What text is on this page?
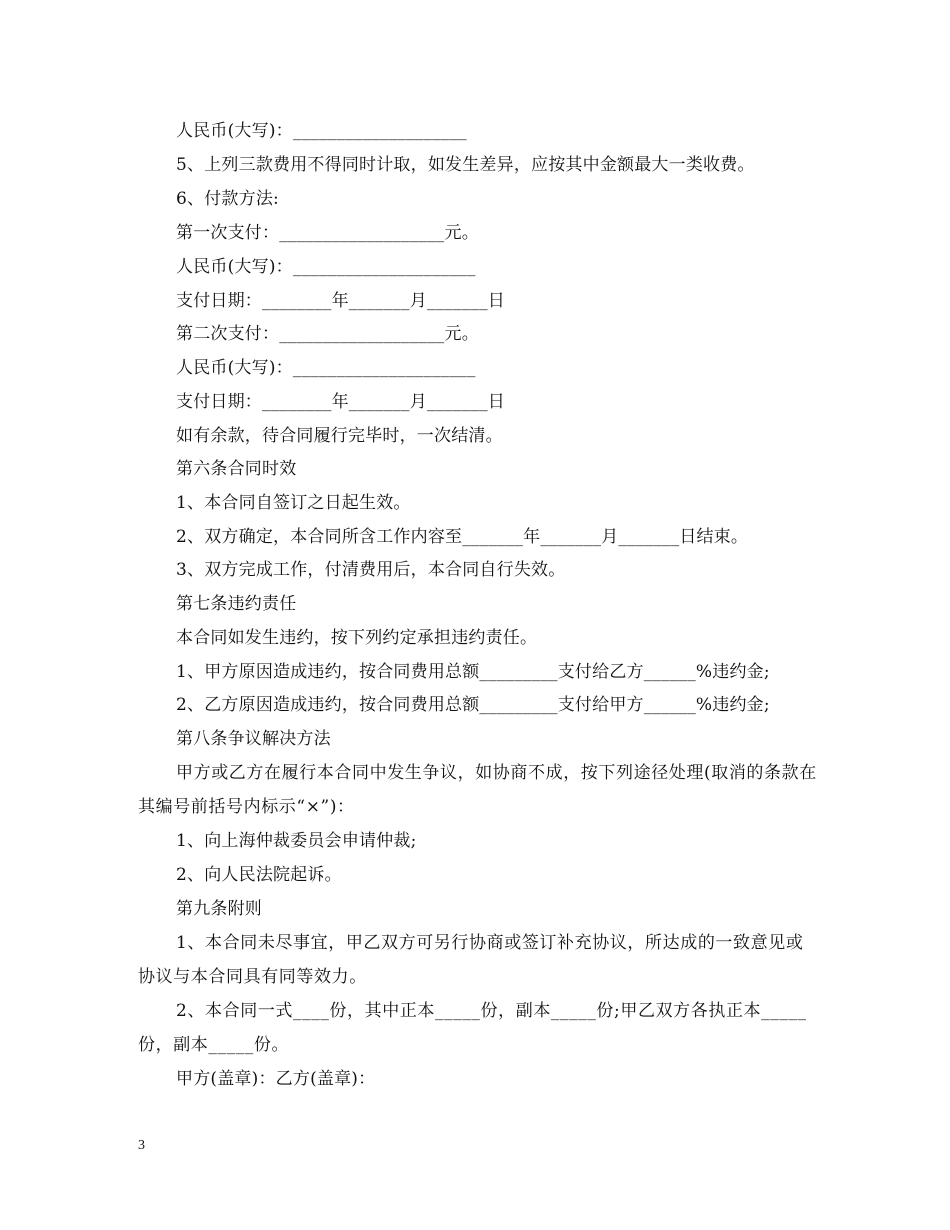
人民币(大写)：____________________
5、上列三款费用不得同时计取，如发生差异，应按其中金额最大一类收费。
6、付款方法:
第一次支付：___________________元。
人民币(大写)：_____________________
支付日期：________年_______月_______日
第二次支付：___________________元。
人民币(大写)：_____________________
支付日期：________年_______月_______日
如有余款，待合同履行完毕时，一次结清。
第六条合同时效
1、本合同自签订之日起生效。
2、双方确定，本合同所含工作内容至_______年_______月_______日结束。
3、双方完成工作，付清费用后，本合同自行失效。
第七条违约责任
本合同如发生违约，按下列约定承担违约责任。
1、甲方原因造成违约，按合同费用总额_________支付给乙方______%违约金;
2、乙方原因造成违约，按合同费用总额_________支付给甲方______%违约金;
第八条争议解决方法
甲方或乙方在履行本合同中发生争议，如协商不成，按下列途径处理(取消的条款在其编号前括号内标示“×”)：
1、向上海仲裁委员会申请仲裁;
2、向人民法院起诉。
第九条附则
1、本合同未尽事宜，甲乙双方可另行协商或签订补充协议，所达成的一致意见或协议与本合同具有同等效力。
2、本合同一式____份，其中正本_____份，副本_____份;甲乙双方各执正本_____份，副本_____份。
甲方(盖章)：乙方(盖章)：
3
